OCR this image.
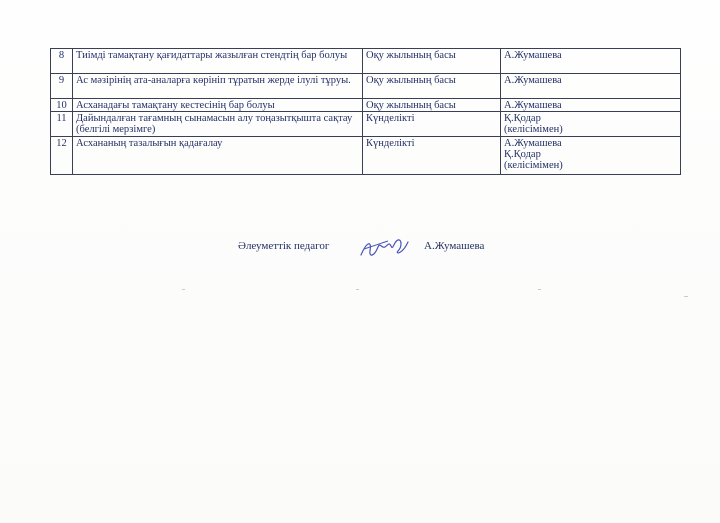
8	Тиімді тамақтану қағидаттары жазылған стендтің бар болуы	Оқу жылының басы	А.Жумашева
9	Ас мәзірінің ата-аналарға көрініп тұратын жерде ілулі тұруы.	Оқу жылының басы	А.Жумашева
10	Асханадағы тамақтану кестесінің бар болуы	Оқу жылының басы	А.Жумашева
11	Дайындалған тағамның сынамасын алу тоңазытқышта сақтау (белгілі мерзімге)	Күнделікті	Қ.Қодар
(келісімімен)
12	Асхананың тазалығын қадағалау	Күнделікті	А.Жумашева
Қ.Қодар
(келісімімен)
Әлеуметтік педагог	А.Жумашева
